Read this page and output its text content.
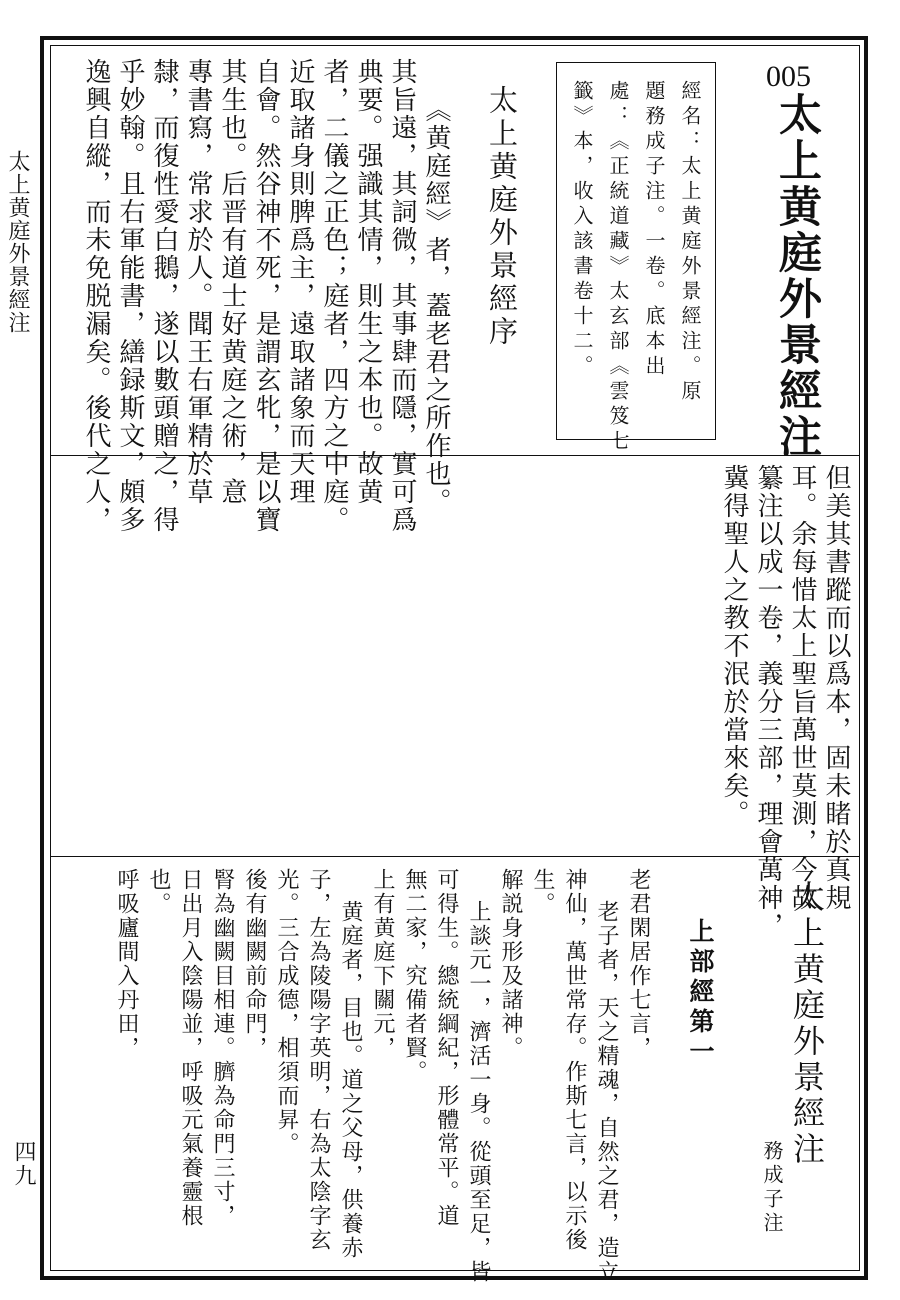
太上黄庭外景經注
四九
005
太上黄庭外景經注
經名：太上黄庭外景經注。原
題務成子注。一卷。底本出
處：《正統道藏》太玄部《雲笈七
籤》本，收入該書卷十二。
太上黄庭外景經序
《黄庭經》者，蓋老君之所作也。
其旨遠，其詞微，其事肆而隱，實可爲
典要。强識其情，則生之本也。故黄
者，二儀之正色；庭者，四方之中庭。
近取諸身則脾爲主，遠取諸象而天理
自會。然谷神不死，是謂玄牝，是以寶
其生也。后晋有道士好黄庭之術，意
專書寫，常求於人。聞王右軍精於草
隸，而復性愛白鵝，遂以數頭贈之，得
乎妙翰。且右軍能書，繕録斯文，頗多
逸興自縱，而未免脱漏矣。後代之人，
但美其書蹤而以爲本，固未睹於真規
耳。余每惜太上聖旨萬世莫測，今故
纂注以成一卷，義分三部，理會萬神，
冀得聖人之教不泯於當來矣。
太上黄庭外景經注
務成子注
上部經第一
老君閑居作七言，
老子者，天之精魂，自然之君，造立
神仙，萬世常存。作斯七言，以示後
生。
解説身形及諸神。
上談元一，濟活一身。從頭至足，皆
可得生。總統綱紀，形體常平。道
無二家，究備者賢。
上有黄庭下關元，
黄庭者，目也。道之父母，供養赤
子，左為陵陽字英明，右為太陰字玄
光。三合成德，相須而昇。
後有幽闕前命門，
腎為幽闕目相連。臍為命門三寸，
日出月入陰陽並，呼吸元氣養靈根
也。
呼吸廬間入丹田，
